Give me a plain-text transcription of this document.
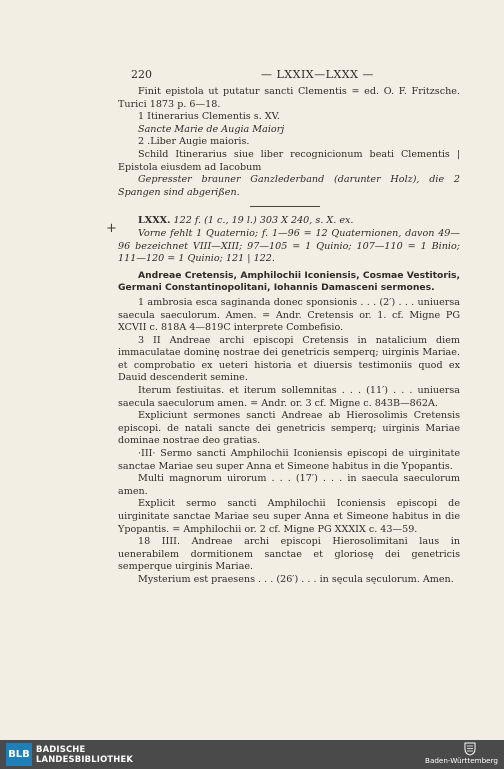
220	— LXXIX—LXXX —
+

Finit epistola ut putatur sancti Clementis = ed. O. F. Fritzsche. Turici 1873 p. 6—18.

1 Itinerarius Clementis s. XV.

Sancte Marie de Augia Maiorj

2 .Liber Augie maioris.

Schild Itinerarius siue liber recognicionum beati Clementis | Epistola eiusdem ad Iacobum

Gepresster brauner Ganzlederband (darunter Holz), die 2 Spangen sind abgerißen.

LXXX. 122 f. (1 c., 19 l.) 303 X 240, s. X. ex.

Vorne fehlt 1 Quaternio; f. 1—96 = 12 Quaternionen, davon 49—96 bezeichnet VIII—XIII; 97—105 = 1 Quinio; 107—110 = 1 Binio; 111—120 = 1 Quinio; 121 | 122.

Andreae Cretensis, Amphilochii Iconiensis, Cosmae Vestitoris, Germani Constantinopolitani, Iohannis Damasceni sermones.

1 ambrosia esca saginanda donec sponsionis . . . (2′) . . . uniuersa saecula saeculorum. Amen. = Andr. Cretensis or. 1. cf. Migne PG XCVII c. 818A 4—819C interprete Combefisio.

3 II Andreae archi episcopi Cretensis in natalicium diem immaculatae dominę nostrae dei genetricis semperq; uirginis Mariae. et comprobatio ex ueteri historia et diuersis testimoniis quod ex Dauid descenderit semine.

Iterum festiuitas. et iterum sollemnitas . . . (11′) . . . uniuersa saecula saeculorum amen. = Andr. or. 3 cf. Migne c. 843B—862A.

Expliciunt sermones sancti Andreae ab Hierosolimis Cretensis episcopi. de natali sancte dei genetricis semperq; uirginis Mariae dominae nostrae deo gratias.

·III· Sermo sancti Amphilochii Iconiensis episcopi de uirginitate sanctae Mariae seu super Anna et Simeone habitus in die Ypopantis.

Multi magnorum uirorum . . . (17′) . . . in saecula saeculorum amen.

Explicit sermo sancti Amphilochii Iconiensis episcopi de uirginitate sanctae Mariae seu super Anna et Simeone habitus in die Ypopantis. = Amphilochii or. 2 cf. Migne PG XXXIX c. 43—59.

18 IIII. Andreae archi episcopi Hierosolimitani laus in uenerabilem dormitionem sanctae et gloriosę dei genetricis semperque uirginis Mariae.

Mysterium est praesens . . . (26′) . . . in sęcula sęculorum. Amen.

BLB BADISCHE
LANDESBIBLIOTHEK	Baden-Württemberg
